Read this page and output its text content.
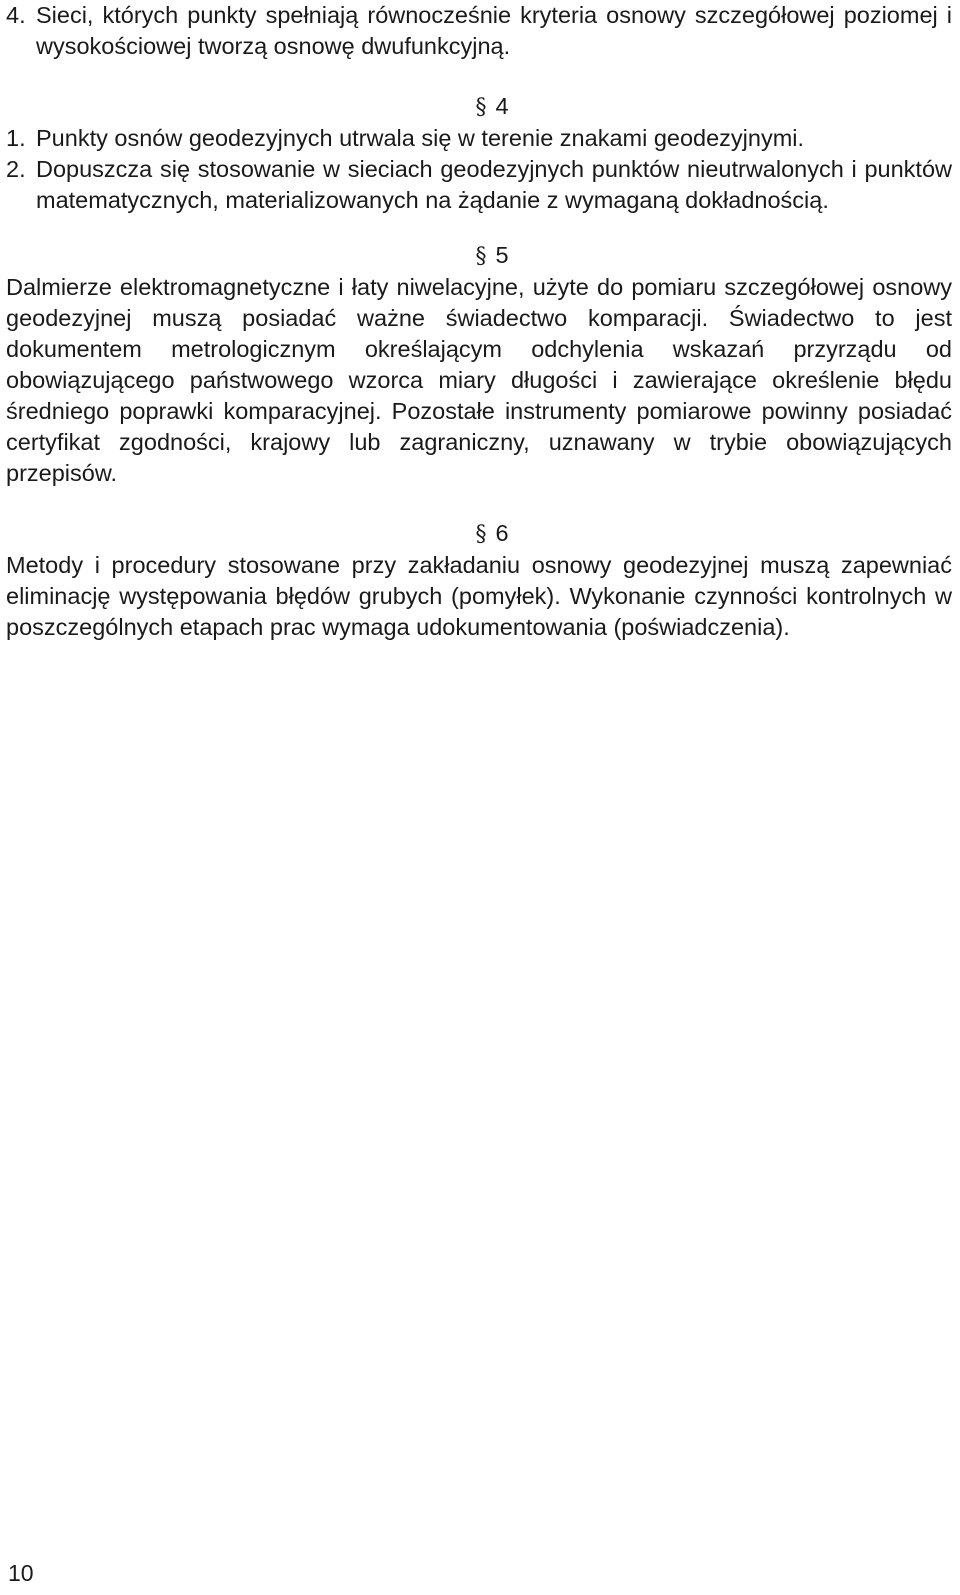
4. Sieci, których punkty spełniają równocześnie kryteria osnowy szczegółowej poziomej i wysokościowej tworzą osnowę dwufunkcyjną.
§ 4
1. Punkty osnów geodezyjnych utrwala się w terenie znakami geodezyjnymi.
2. Dopuszcza się stosowanie w sieciach geodezyjnych punktów nieutrwalonych i punktów matematycznych, materializowanych na żądanie z wymaganą dokładnością.
§ 5

Dalmierze elektromagnetyczne i łaty niwelacyjne, użyte do pomiaru szczegółowej osnowy geodezyjnej muszą posiadać ważne świadectwo komparacji. Świadectwo to jest dokumentem metrologicznym określającym odchylenia wskazań przyrządu od obowiązującego państwowego wzorca miary długości i zawierające określenie błędu średniego poprawki komparacyjnej. Pozostałe instrumenty pomiarowe powinny posiadać certyfikat zgodności, krajowy lub zagraniczny, uznawany w trybie obowiązujących przepisów.

§ 6

Metody i procedury stosowane przy zakładaniu osnowy geodezyjnej muszą zapewniać eliminację występowania błędów grubych (pomyłek). Wykonanie czynności kontrolnych w poszczególnych etapach prac wymaga udokumentowania (poświadczenia).

10
